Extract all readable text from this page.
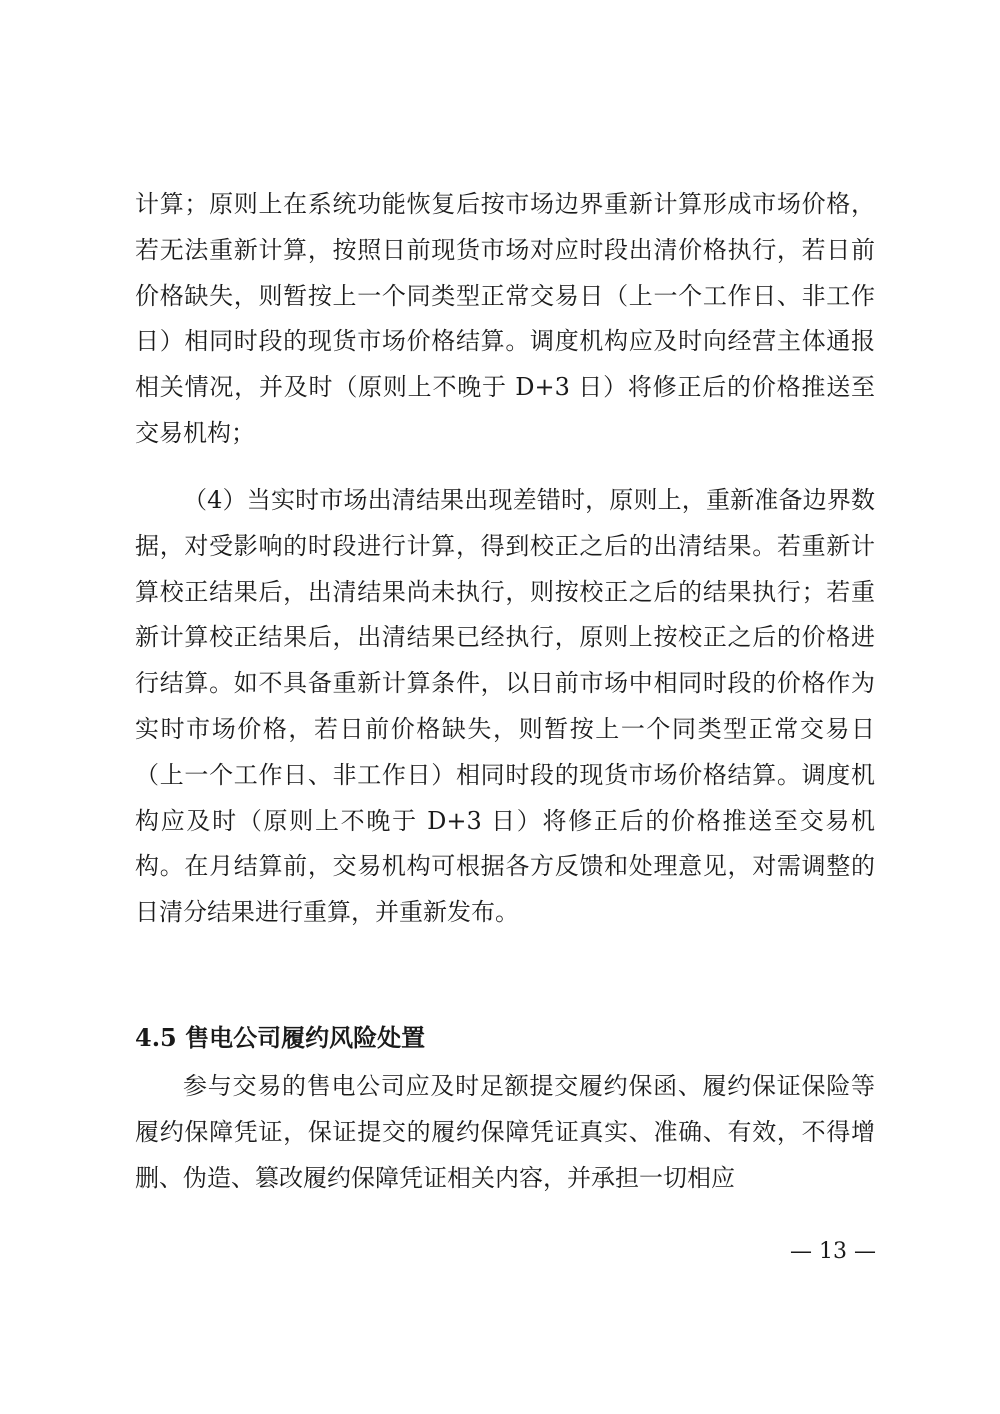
计算；原则上在系统功能恢复后按市场边界重新计算形成市场价格，若无法重新计算，按照日前现货市场对应时段出清价格执行，若日前价格缺失，则暂按上一个同类型正常交易日（上一个工作日、非工作日）相同时段的现货市场价格结算。调度机构应及时向经营主体通报相关情况，并及时（原则上不晚于 D+3 日）将修正后的价格推送至交易机构；

（4）当实时市场出清结果出现差错时，原则上，重新准备边界数据，对受影响的时段进行计算，得到校正之后的出清结果。若重新计算校正结果后，出清结果尚未执行，则按校正之后的结果执行；若重新计算校正结果后，出清结果已经执行，原则上按校正之后的价格进行结算。如不具备重新计算条件，以日前市场中相同时段的价格作为实时市场价格，若日前价格缺失，则暂按上一个同类型正常交易日（上一个工作日、非工作日）相同时段的现货市场价格结算。调度机构应及时（原则上不晚于 D+3 日）将修正后的价格推送至交易机构。在月结算前，交易机构可根据各方反馈和处理意见，对需调整的日清分结果进行重算，并重新发布。

4.5 售电公司履约风险处置

参与交易的售电公司应及时足额提交履约保函、履约保证保险等履约保障凭证，保证提交的履约保障凭证真实、准确、有效，不得增删、伪造、篡改履约保障凭证相关内容，并承担一切相应

— 13 —
